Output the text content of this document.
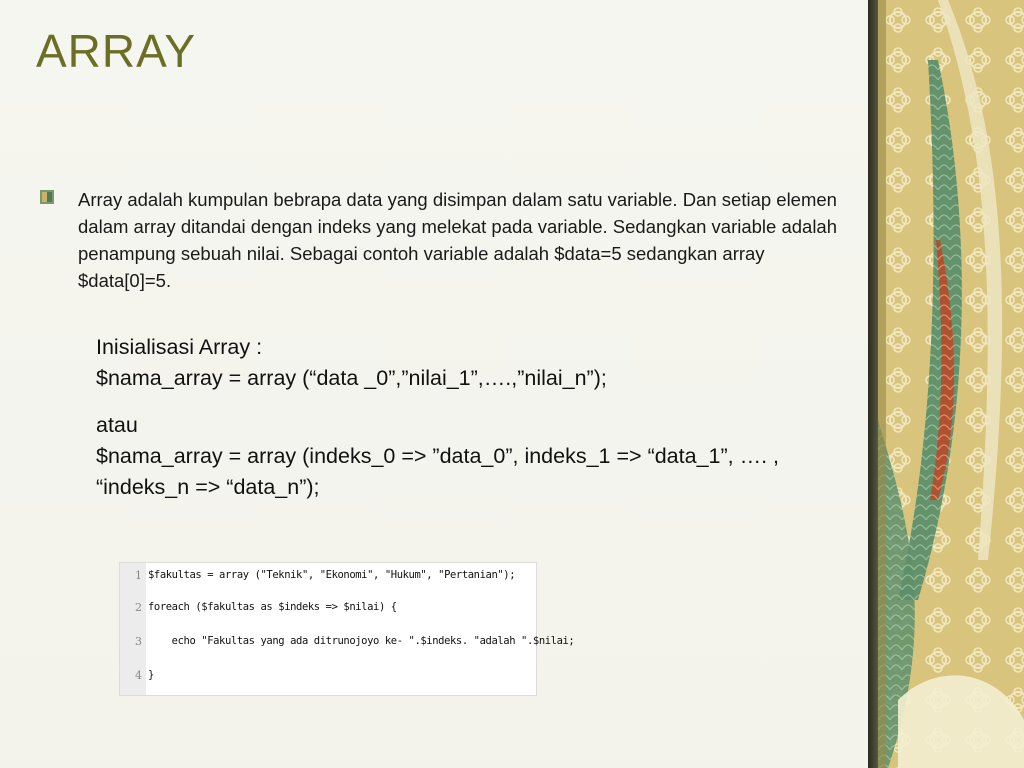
ARRAY

Array adalah kumpulan bebrapa data yang disimpan dalam satu variable. Dan setiap elemen dalam array ditandai dengan indeks yang melekat pada variable. Sedangkan variable adalah penampung sebuah nilai. Sebagai contoh variable adalah $data=5 sedangkan array $data[0]=5.

Inisialisasi Array :
$nama_array = array (“data _0”,”nilai_1”,….,”nilai_n”);
atau
$nama_array = array (indeks_0 => ”data_0”, indeks_1 => “data_1”, …. , “indeks_n => “data_n”);

1

$fakultas = array ("Teknik", "Ekonomi", "Hukum", "Pertanian");

2

foreach ($fakultas as $indeks => $nilai) {

3

echo "Fakultas yang ada ditrunojoyo ke- ".$indeks. "adalah ".$nilai;

4

}
